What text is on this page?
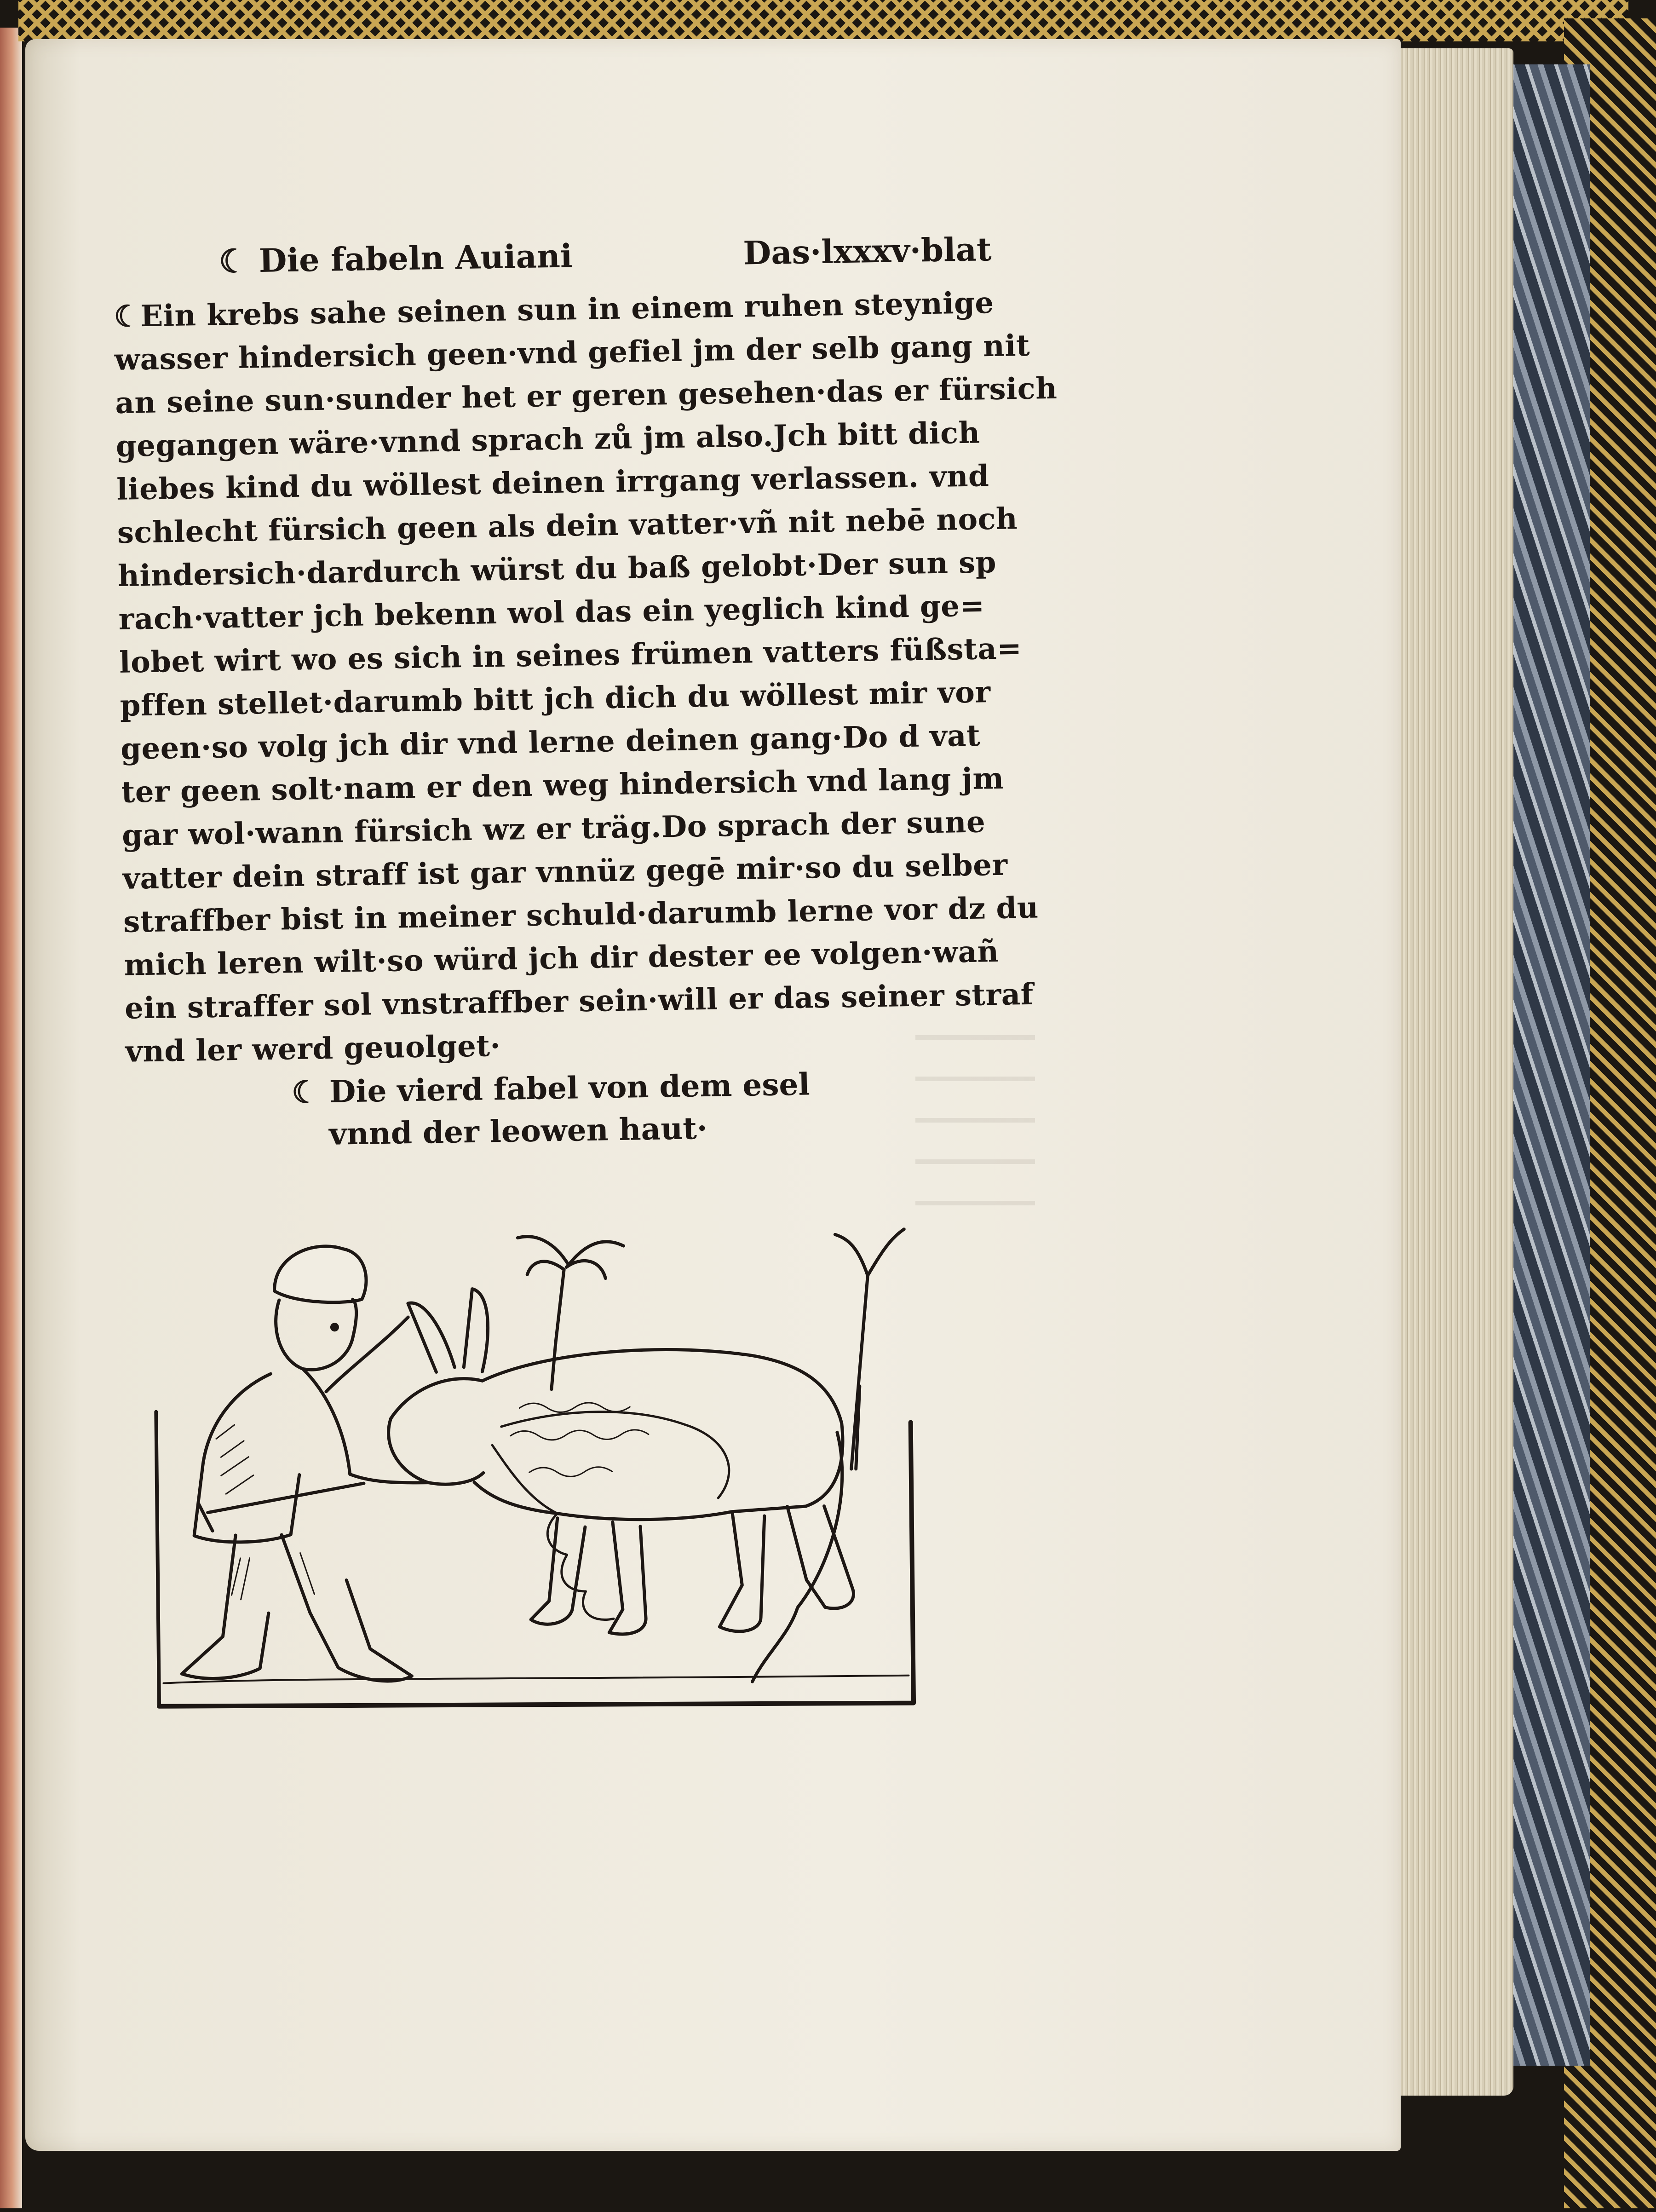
☾ Die fabeln Auiani	Das·lxxxv·blat
☾Ein krebs sahe seinen sun in einem ruhen steynige
wasser hindersich geen·vnd gefiel jm der selb gang nit
an seine sun·sunder het er geren gesehen·das er fürsich
gegangen wäre·vnnd sprach zů jm also.Jch bitt dich
liebes kind du wöllest deinen irrgang verlassen. vnd
schlecht fürsich geen als dein vatter·vñ nit nebē noch
hindersich·dardurch würst du baß gelobt·Der sun sp
rach·vatter jch bekenn wol das ein yeglich kind ge=
lobet wirt wo es sich in seines frümen vatters füßsta=
pffen stellet·darumb bitt jch dich du wöllest mir vor
geen·so volg jch dir vnd lerne deinen gang·Do d vat
ter geen solt·nam er den weg hindersich vnd lang jm
gar wol·wann fürsich wz er träg.Do sprach der sune
vatter dein straff ist gar vnnüz gegē mir·so du selber
straffber bist in meiner schuld·darumb lerne vor dz du
mich leren wilt·so würd jch dir dester ee volgen·wañ
ein straffer sol vnstraffber sein·will er das seiner straf
vnd ler werd geuolget·
☾ Die vierd fabel von dem esel
vnnd der leowen haut·
